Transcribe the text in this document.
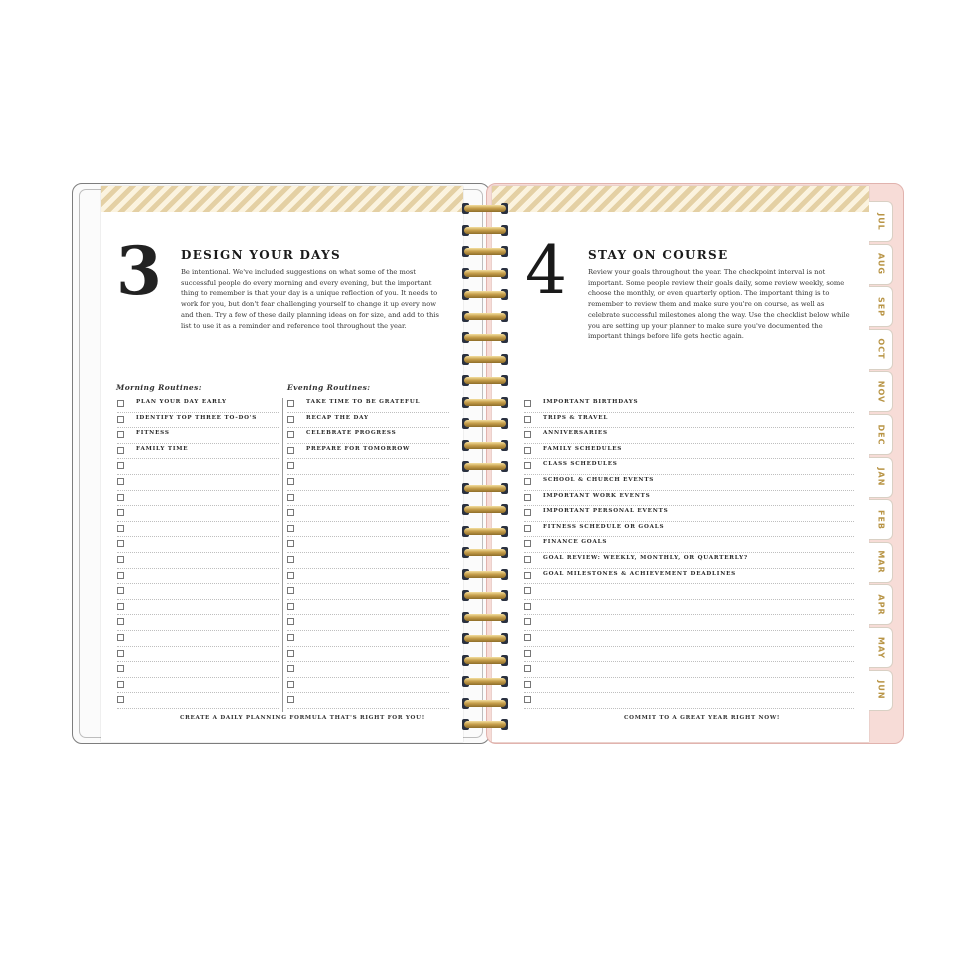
3 DESIGN YOUR DAYS
Be intentional. We've included suggestions on what some of the most successful people do every morning and every evening, but the important thing to remember is that your day is a unique reflection of you. It needs to work for you, but don't fear challenging yourself to change it up every now and then. Try a few of these daily planning ideas on for size, and add to this list to use it as a reminder and reference tool throughout the year.
Morning Routines:	Evening Routines:
PLAN YOUR DAY EARLY
IDENTIFY TOP THREE TO-DO'S
FITNESS
FAMILY TIME
TAKE TIME TO BE GRATEFUL
RECAP THE DAY
CELEBRATE PROGRESS
PREPARE FOR TOMORROW
CREATE A DAILY PLANNING FORMULA THAT'S RIGHT FOR YOU!
4 STAY ON COURSE
Review your goals throughout the year. The checkpoint interval is not important. Some people review their goals daily, some review weekly, some choose the monthly, or even quarterly option. The important thing is to remember to review them and make sure you're on course, as well as celebrate successful milestones along the way. Use the checklist below while you are setting up your planner to make sure you've documented the important things before life gets hectic again.
IMPORTANT BIRTHDAYS
TRIPS & TRAVEL
ANNIVERSARIES
FAMILY SCHEDULES
CLASS SCHEDULES
SCHOOL & CHURCH EVENTS
IMPORTANT WORK EVENTS
IMPORTANT PERSONAL EVENTS
FITNESS SCHEDULE OR GOALS
FINANCE GOALS
GOAL REVIEW: WEEKLY, MONTHLY, OR QUARTERLY?
GOAL MILESTONES & ACHIEVEMENT DEADLINES
COMMIT TO A GREAT YEAR RIGHT NOW!
JUL
AUG
SEP
OCT
NOV
DEC
JAN
FEB
MAR
APR
MAY
JUN
